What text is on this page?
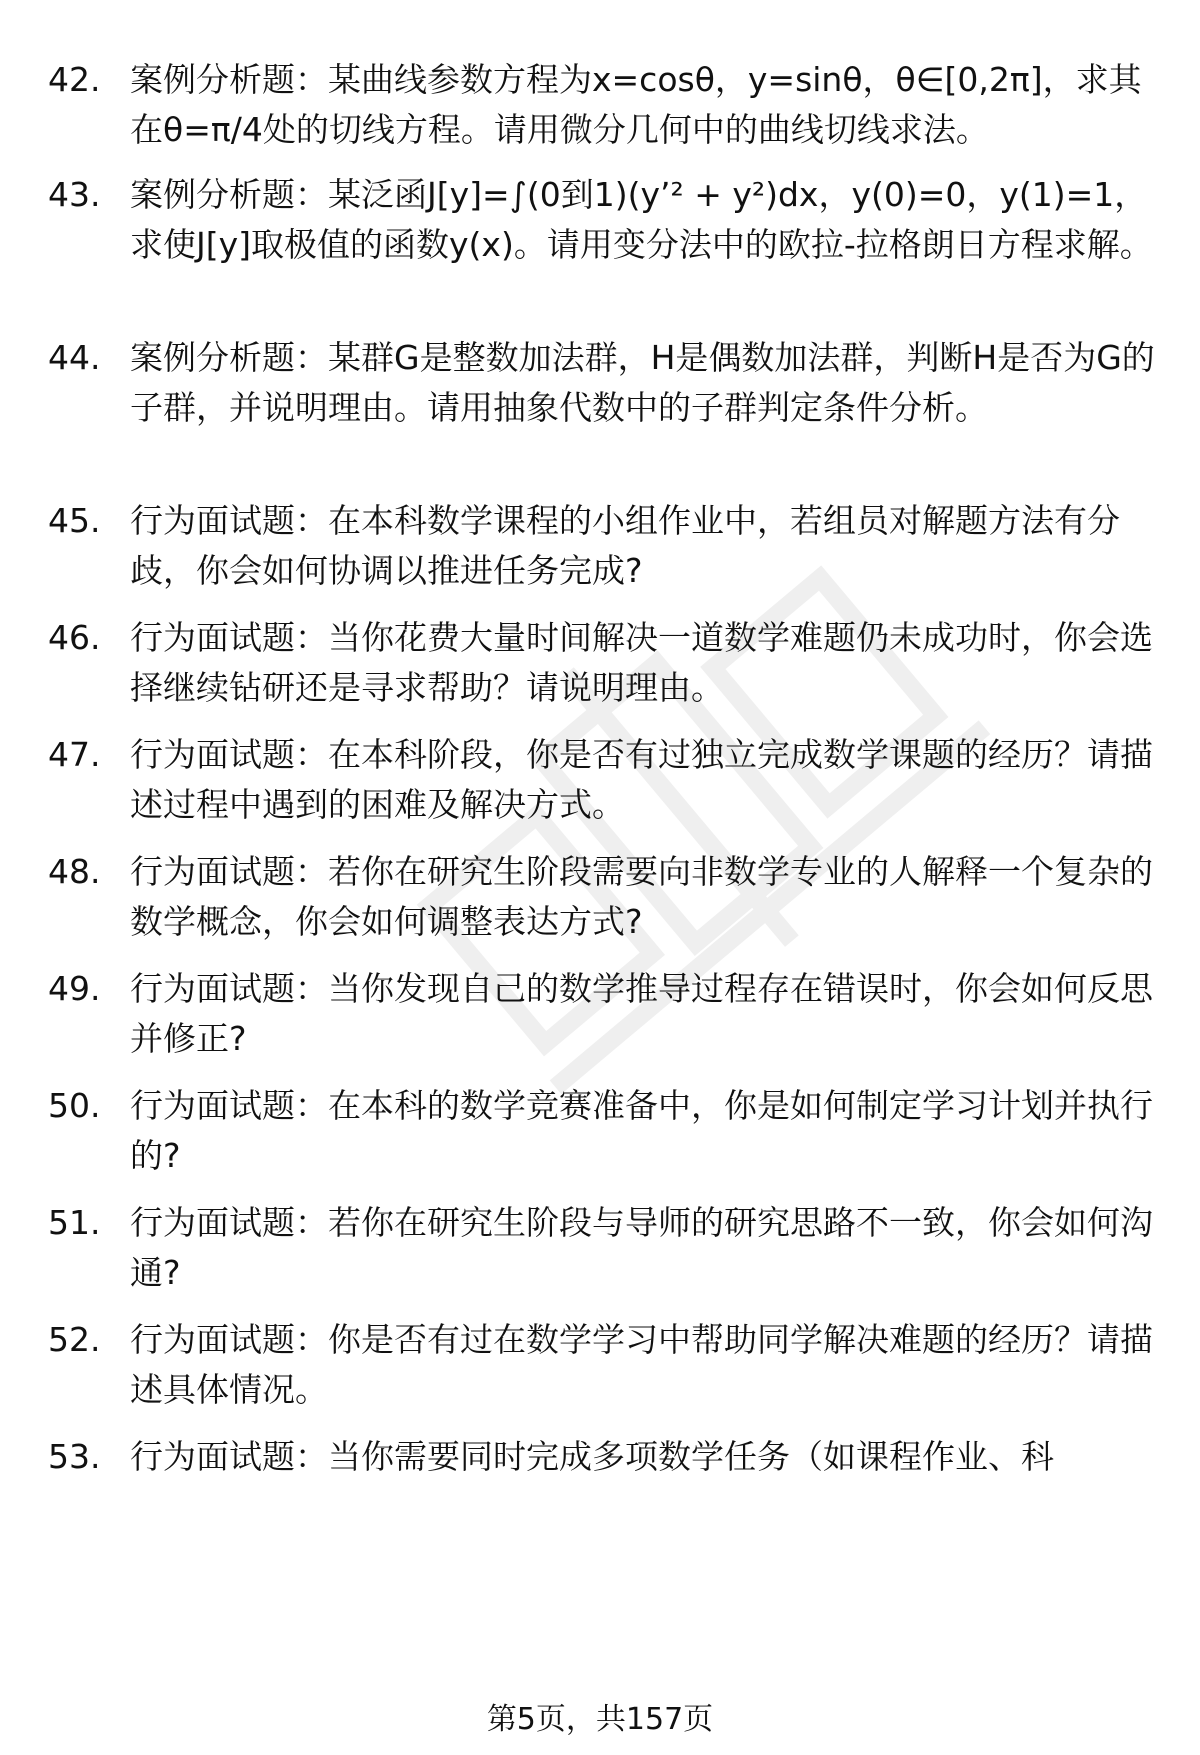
42. 案例分析题：某曲线参数方程为x=cosθ，y=sinθ，θ∈[0,2π]，求其在θ=π/4处的切线方程。请用微分几何中的曲线切线求法。
43. 案例分析题：某泛函J[y]=∫(0到1)(y’² + y²)dx，y(0)=0，y(1)=1，求使J[y]取极值的函数y(x)。请用变分法中的欧拉-拉格朗日方程求解。
44. 案例分析题：某群G是整数加法群，H是偶数加法群，判断H是否为G的子群，并说明理由。请用抽象代数中的子群判定条件分析。
45. 行为面试题：在本科数学课程的小组作业中，若组员对解题方法有分歧，你会如何协调以推进任务完成?
46. 行为面试题：当你花费大量时间解决一道数学难题仍未成功时，你会选择继续钻研还是寻求帮助？请说明理由。
47. 行为面试题：在本科阶段，你是否有过独立完成数学课题的经历？请描述过程中遇到的困难及解决方式。
48. 行为面试题：若你在研究生阶段需要向非数学专业的人解释一个复杂的数学概念，你会如何调整表达方式?
49. 行为面试题：当你发现自己的数学推导过程存在错误时，你会如何反思并修正?
50. 行为面试题：在本科的数学竞赛准备中，你是如何制定学习计划并执行的?
51. 行为面试题：若你在研究生阶段与导师的研究思路不一致，你会如何沟通?
52. 行为面试题：你是否有过在数学学习中帮助同学解决难题的经历？请描述具体情况。
53. 行为面试题：当你需要同时完成多项数学任务（如课程作业、科
第5页，共157页
